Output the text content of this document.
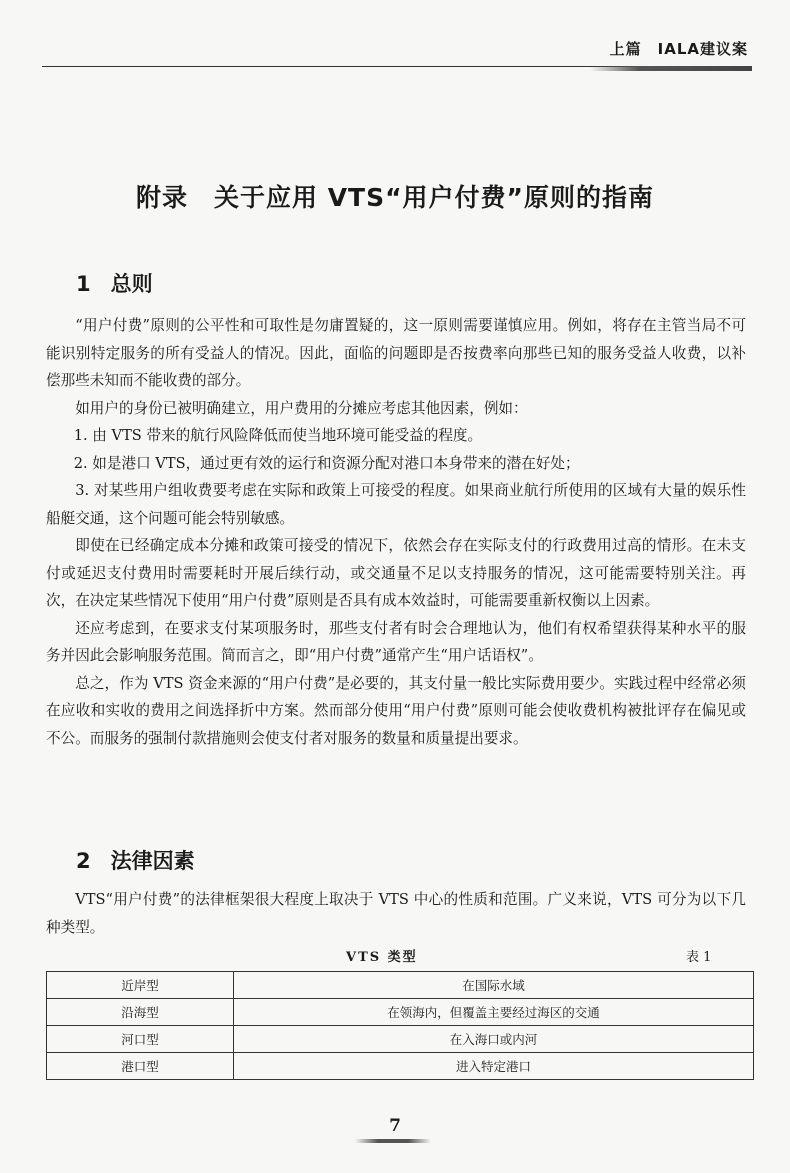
上篇　IALA建议案
附录　关于应用 VTS“用户付费”原则的指南
1 总则

“用户付费”原则的公平性和可取性是勿庸置疑的，这一原则需要谨慎应用。例如，将存在主管当局不可能识别特定服务的所有受益人的情况。因此，面临的问题即是否按费率向那些已知的服务受益人收费，以补偿那些未知而不能收费的部分。

如用户的身份已被明确建立，用户费用的分摊应考虑其他因素，例如：

1. 由 VTS 带来的航行风险降低而使当地环境可能受益的程度。

2. 如是港口 VTS，通过更有效的运行和资源分配对港口本身带来的潜在好处；

3. 对某些用户组收费要考虑在实际和政策上可接受的程度。如果商业航行所使用的区域有大量的娱乐性船艇交通，这个问题可能会特别敏感。

即使在已经确定成本分摊和政策可接受的情况下，依然会存在实际支付的行政费用过高的情形。在未支付或延迟支付费用时需要耗时开展后续行动，或交通量不足以支持服务的情况，这可能需要特别关注。再次，在决定某些情况下使用“用户付费”原则是否具有成本效益时，可能需要重新权衡以上因素。

还应考虑到，在要求支付某项服务时，那些支付者有时会合理地认为，他们有权希望获得某种水平的服务并因此会影响服务范围。简而言之，即“用户付费”通常产生“用户话语权”。

总之，作为 VTS 资金来源的“用户付费”是必要的，其支付量一般比实际费用要少。实践过程中经常必须在应收和实收的费用之间选择折中方案。然而部分使用“用户付费”原则可能会使收费机构被批评存在偏见或不公。而服务的强制付款措施则会使支付者对服务的数量和质量提出要求。

2 法律因素

VTS“用户付费”的法律框架很大程度上取决于 VTS 中心的性质和范围。广义来说，VTS 可分为以下几种类型。

VTS 类型	表 1
近岸型	在国际水域
沿海型	在领海内，但覆盖主要经过海区的交通
河口型	在入海口或内河
港口型	进入特定港口
7
